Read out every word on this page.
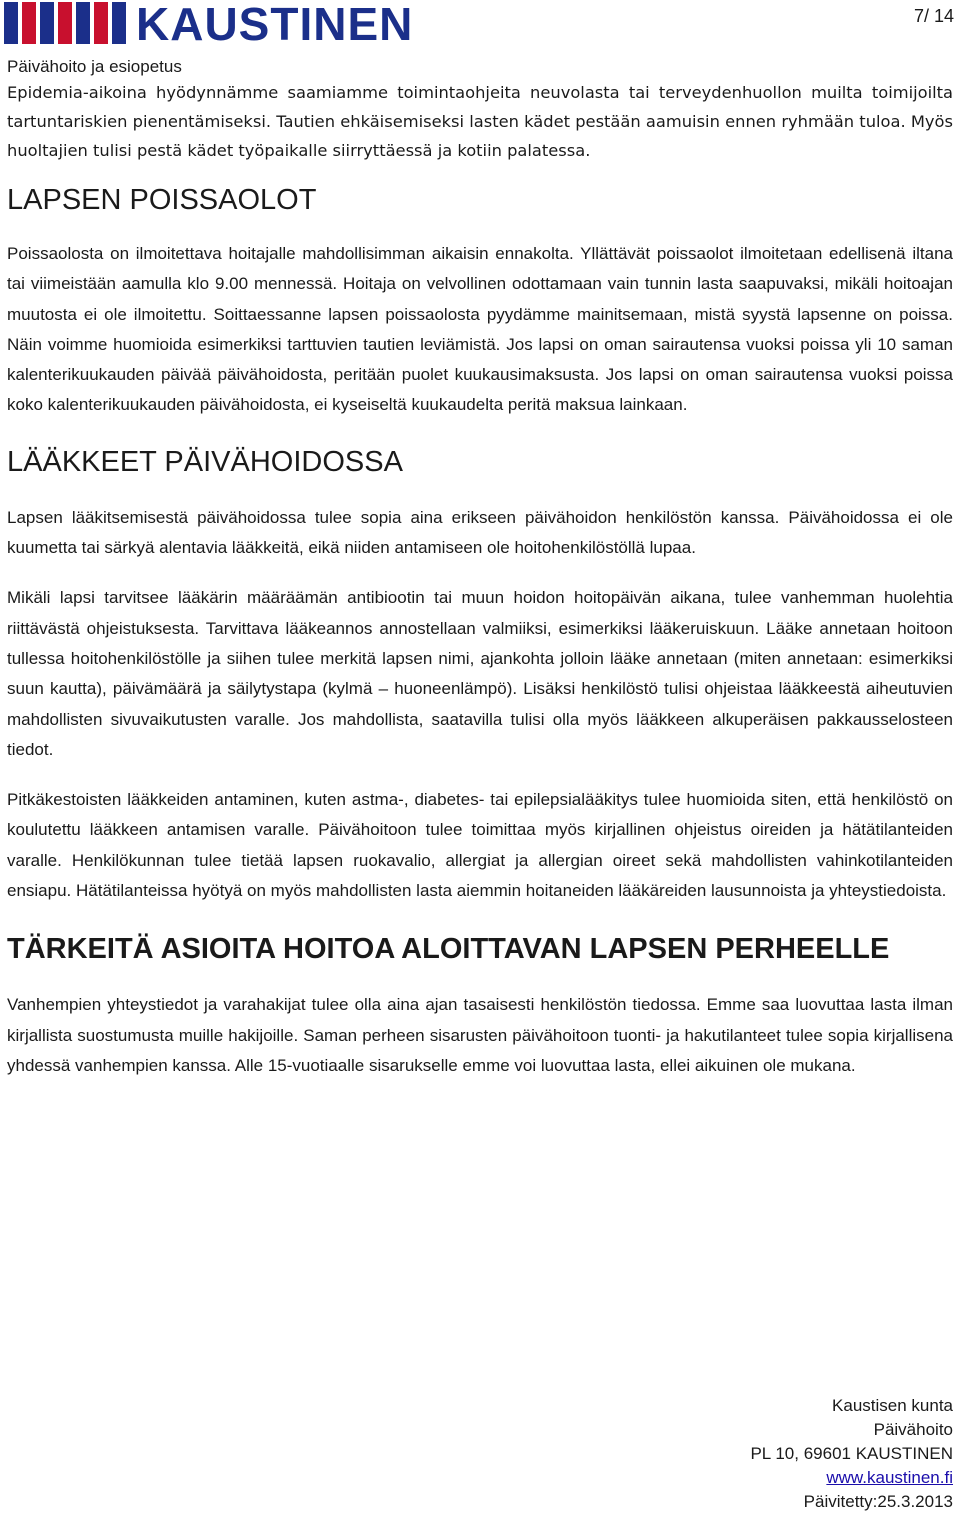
KAUSTINEN	7/ 14
Päivähoito ja esiopetus

Epidemia-aikoina hyödynnämme saamiamme toimintaohjeita neuvolasta tai terveydenhuollon muilta toimijoilta tartuntariskien pienentämiseksi. Tautien ehkäisemiseksi lasten kädet pestään aamuisin ennen ryhmään tuloa. Myös huoltajien tulisi pestä kädet työpaikalle siirryttäessä ja kotiin palatessa.

LAPSEN POISSAOLOT

Poissaolosta on ilmoitettava hoitajalle mahdollisimman aikaisin ennakolta. Yllättävät poissaolot ilmoitetaan edellisenä iltana tai viimeistään aamulla klo 9.00 mennessä. Hoitaja on velvollinen odottamaan vain tunnin lasta saapuvaksi, mikäli hoitoajan muutosta ei ole ilmoitettu. Soittaessanne lapsen poissaolosta pyydämme mainitsemaan, mistä syystä lapsenne on poissa. Näin voimme huomioida esimerkiksi tarttuvien tautien leviämistä. Jos lapsi on oman sairautensa vuoksi poissa yli 10 saman kalenterikuukauden päivää päivähoidosta, peritään puolet kuukausimaksusta. Jos lapsi on oman sairautensa vuoksi poissa koko kalenterikuukauden päivähoidosta, ei kyseiseltä kuukaudelta peritä maksua lainkaan.

LÄÄKKEET PÄIVÄHOIDOSSA

Lapsen lääkitsemisestä päivähoidossa tulee sopia aina erikseen päivähoidon henkilöstön kanssa. Päivähoidossa ei ole kuumetta tai särkyä alentavia lääkkeitä, eikä niiden antamiseen ole hoitohenkilöstöllä lupaa.

Mikäli lapsi tarvitsee lääkärin määräämän antibiootin tai muun hoidon hoitopäivän aikana, tulee vanhemman huolehtia riittävästä ohjeistuksesta. Tarvittava lääkeannos annostellaan valmiiksi, esimerkiksi lääkeruiskuun. Lääke annetaan hoitoon tullessa hoitohenkilöstölle ja siihen tulee merkitä lapsen nimi, ajankohta jolloin lääke annetaan (miten annetaan: esimerkiksi suun kautta), päivämäärä ja säilytystapa (kylmä – huoneenlämpö). Lisäksi henkilöstö tulisi ohjeistaa lääkkeestä aiheutuvien mahdollisten sivuvaikutusten varalle. Jos mahdollista, saatavilla tulisi olla myös lääkkeen alkuperäisen pakkausselosteen tiedot.

Pitkäkestoisten lääkkeiden antaminen, kuten astma-, diabetes- tai epilepsialääkitys tulee huomioida siten, että henkilöstö on koulutettu lääkkeen antamisen varalle. Päivähoitoon tulee toimittaa myös kirjallinen ohjeistus oireiden ja hätätilanteiden varalle. Henkilökunnan tulee tietää lapsen ruokavalio, allergiat ja allergian oireet sekä mahdollisten vahinkotilanteiden ensiapu. Hätätilanteissa hyötyä on myös mahdollisten lasta aiemmin hoitaneiden lääkäreiden lausunnoista ja yhteystiedoista.

TÄRKEITÄ ASIOITA HOITOA ALOITTAVAN LAPSEN PERHEELLE

Vanhempien yhteystiedot ja varahakijat tulee olla aina ajan tasaisesti henkilöstön tiedossa. Emme saa luovuttaa lasta ilman kirjallista suostumusta muille hakijoille. Saman perheen sisarusten päivähoitoon tuonti- ja hakutilanteet tulee sopia kirjallisena yhdessä vanhempien kanssa. Alle 15-vuotiaalle sisarukselle emme voi luovuttaa lasta, ellei aikuinen ole mukana.

Kaustisen kunta
Päivähoito
PL 10, 69601 KAUSTINEN
www.kaustinen.fi
Päivitetty:25.3.2013
